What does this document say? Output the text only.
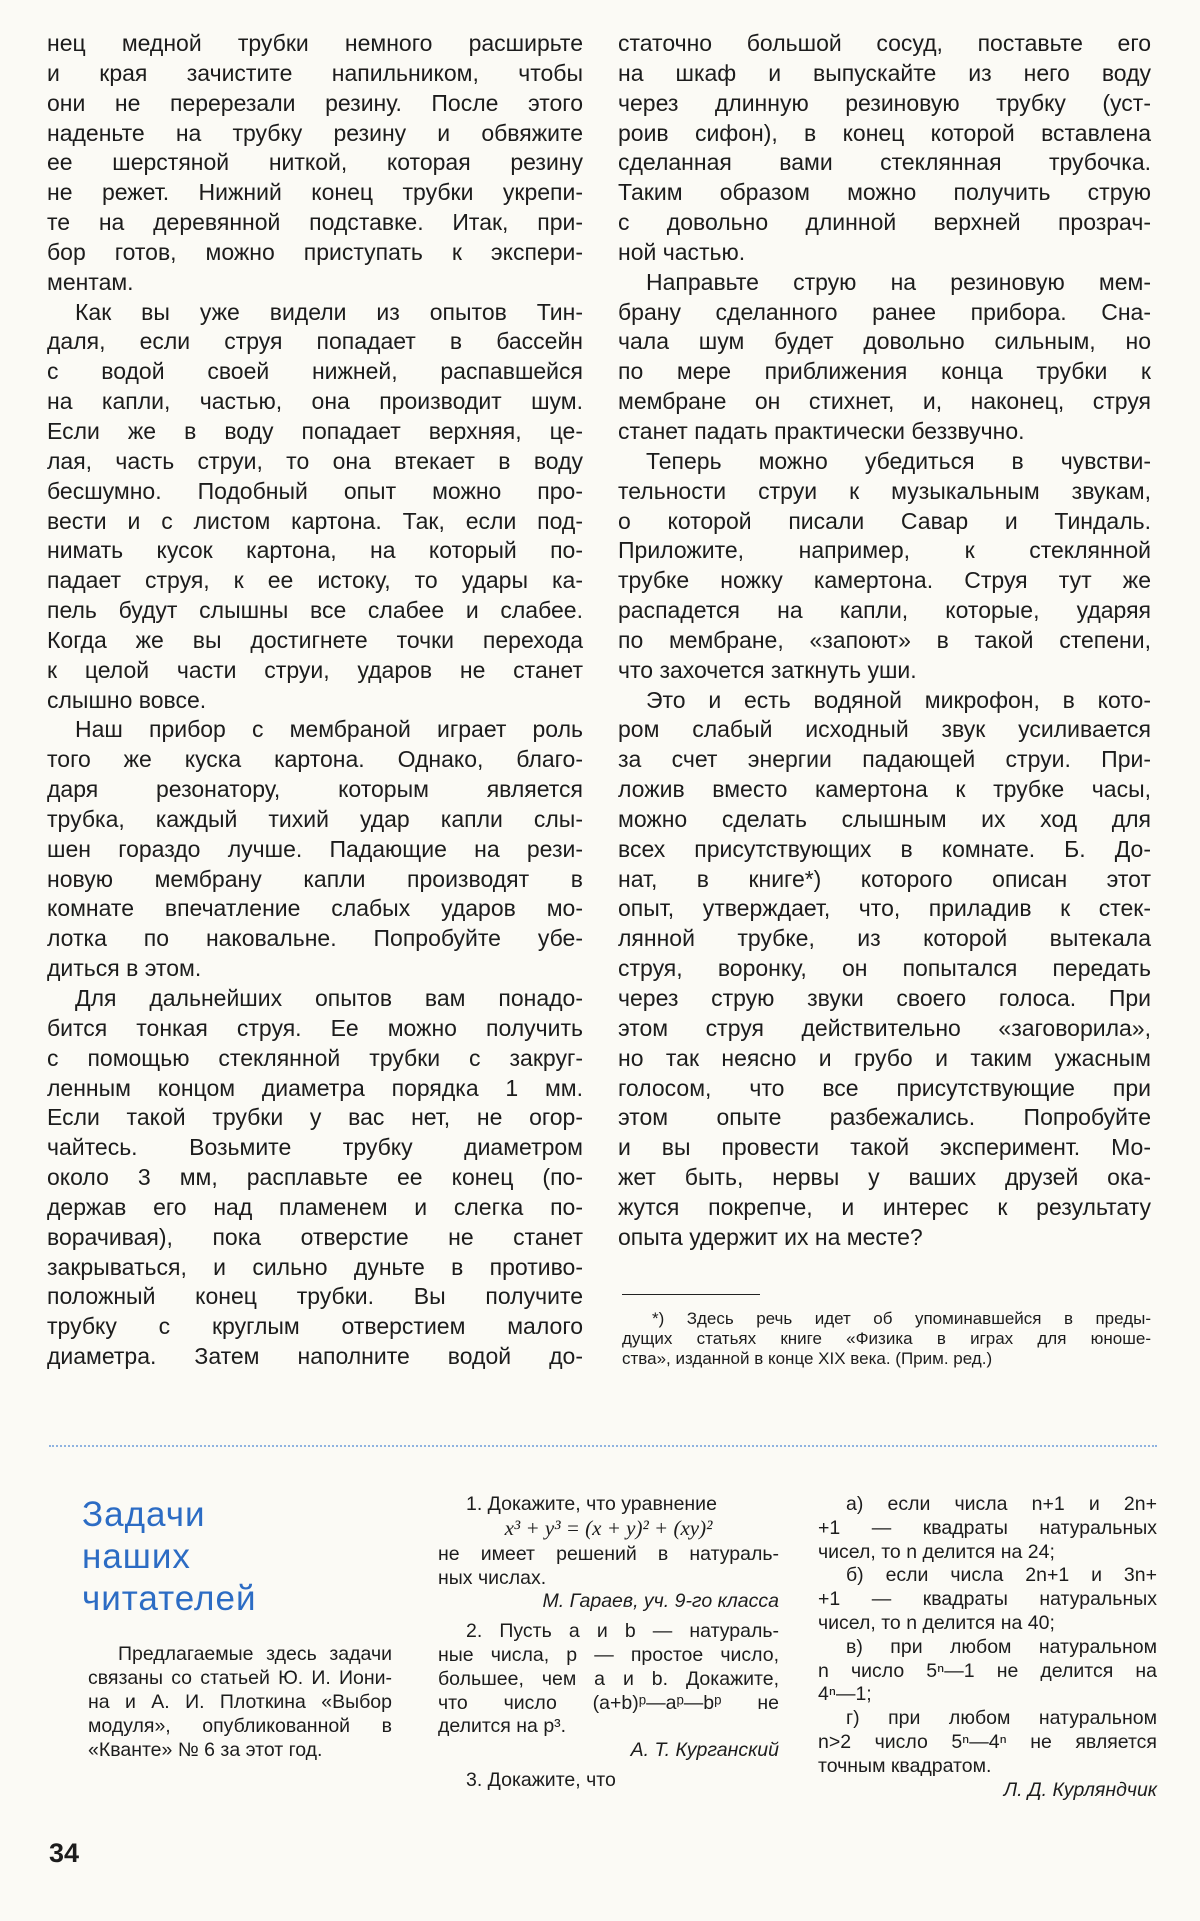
нец медной трубки немного расширьте
и края зачистите напильником, чтобы
они не перерезали резину. После этого
наденьте на трубку резину и обвяжите
ее шерстяной ниткой, которая резину
не режет. Нижний конец трубки укрепи-
те на деревянной подставке. Итак, при-
бор готов, можно приступать к экспери-
ментам.
Как вы уже видели из опытов Тин-
даля, если струя попадает в бассейн
с водой своей нижней, распавшейся
на капли, частью, она производит шум.
Если же в воду попадает верхняя, це-
лая, часть струи, то она втекает в воду
бесшумно. Подобный опыт можно про-
вести и с листом картона. Так, если под-
нимать кусок картона, на который по-
падает струя, к ее истоку, то удары ка-
пель будут слышны все слабее и слабее.
Когда же вы достигнете точки перехода
к целой части струи, ударов не станет
слышно вовсе.
Наш прибор с мембраной играет роль
того же куска картона. Однако, благо-
даря резонатору, которым является
трубка, каждый тихий удар капли слы-
шен гораздо лучше. Падающие на рези-
новую мембрану капли производят в
комнате впечатление слабых ударов мо-
лотка по наковальне. Попробуйте убе-
диться в этом.
Для дальнейших опытов вам понадо-
бится тонкая струя. Ее можно получить
с помощью стеклянной трубки с закруг-
ленным концом диаметра порядка 1 мм.
Если такой трубки у вас нет, не огор-
чайтесь. Возьмите трубку диаметром
около 3 мм, расплавьте ее конец (по-
держав его над пламенем и слегка по-
ворачивая), пока отверстие не станет
закрываться, и сильно дуньте в противо-
положный конец трубки. Вы получите
трубку с круглым отверстием малого
диаметра. Затем наполните водой до-
статочно большой сосуд, поставьте его
на шкаф и выпускайте из него воду
через длинную резиновую трубку (уст-
роив сифон), в конец которой вставлена
сделанная вами стеклянная трубочка.
Таким образом можно получить струю
с довольно длинной верхней прозрач-
ной частью.
Направьте струю на резиновую мем-
брану сделанного ранее прибора. Сна-
чала шум будет довольно сильным, но
по мере приближения конца трубки к
мембране он стихнет, и, наконец, струя
станет падать практически беззвучно.
Теперь можно убедиться в чувстви-
тельности струи к музыкальным звукам,
о которой писали Савар и Тиндаль.
Приложите, например, к стеклянной
трубке ножку камертона. Струя тут же
распадется на капли, которые, ударяя
по мембране, «запоют» в такой степени,
что захочется заткнуть уши.
Это и есть водяной микрофон, в кото-
ром слабый исходный звук усиливается
за счет энергии падающей струи. При-
ложив вместо камертона к трубке часы,
можно сделать слышным их ход для
всех присутствующих в комнате. Б. До-
нат, в книге*) которого описан этот
опыт, утверждает, что, приладив к стек-
лянной трубке, из которой вытекала
струя, воронку, он попытался передать
через струю звуки своего голоса. При
этом струя действительно «заговорила»,
но так неясно и грубо и таким ужасным
голосом, что все присутствующие при
этом опыте разбежались. Попробуйте
и вы провести такой эксперимент. Мо-
жет быть, нервы у ваших друзей ока-
жутся покрепче, и интерес к результату
опыта удержит их на месте?
*) Здесь речь идет об упоминавшейся в преды-
дущих статьях книге «Физика в играх для юноше-
ства», изданной в конце XIX века. (Прим. ред.)
Задачи
наших
читателей
Предлагаемые здесь задачи
связаны со статьей Ю. И. Иони-
на и А. И. Плоткина «Выбор
модуля», опубликованной в
«Кванте» № 6 за этот год.
1. Докажите, что уравнение
x³ + y³ = (x + y)² + (xy)²
не имеет решений в натураль-
ных числах.
М. Гараев, уч. 9-го класса
2. Пусть a и b — натураль-
ные числа, p — простое число,
большее, чем a и b. Докажите,
что число (a+b)ᵖ—aᵖ—bᵖ не
делится на p³.
А. Т. Курганский
3. Докажите, что
а) если числа n+1 и 2n+
+1 — квадраты натуральных
чисел, то n делится на 24;
б) если числа 2n+1 и 3n+
+1 — квадраты натуральных
чисел, то n делится на 40;
в) при любом натуральном
n число 5ⁿ—1 не делится на
4ⁿ—1;
г) при любом натуральном
n>2 число 5ⁿ—4ⁿ не является
точным квадратом.
Л. Д. Курляндчик
34
